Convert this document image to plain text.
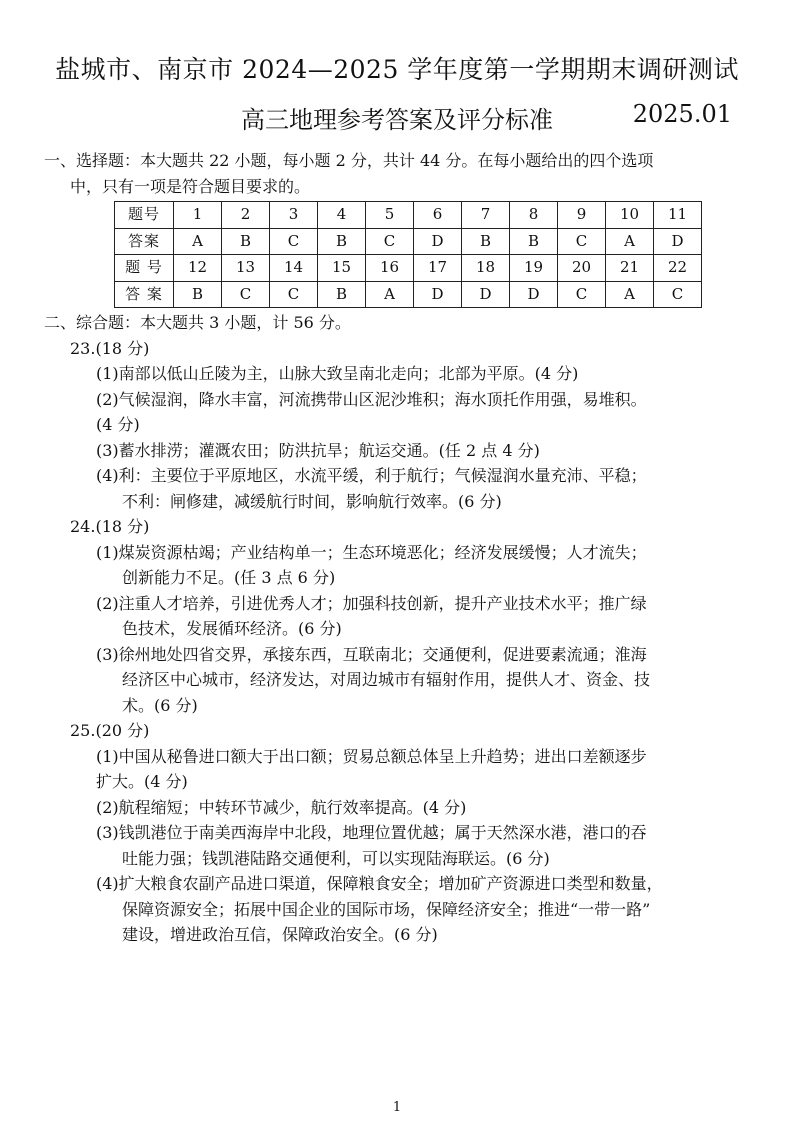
盐城市、南京市 2024—2025 学年度第一学期期末调研测试
高三地理参考答案及评分标准	2025.01
一、选择题：本大题共 22 小题，每小题 2 分，共计 44 分。在每小题给出的四个选项
中，只有一项是符合题目要求的。
题号	1	2	3	4	5	6	7	8	9	10	11
答案	A	B	C	B	C	D	B	B	C	A	D
题 号	12	13	14	15	16	17	18	19	20	21	22
答 案	B	C	C	B	A	D	D	D	C	A	C
二、综合题：本大题共 3 小题，计 56 分。
23.(18 分)
(1)南部以低山丘陵为主，山脉大致呈南北走向；北部为平原。(4 分)
(2)气候湿润，降水丰富，河流携带山区泥沙堆积；海水顶托作用强，易堆积。
(4 分)
(3)蓄水排涝；灌溉农田；防洪抗旱；航运交通。(任 2 点 4 分)
(4)利：主要位于平原地区，水流平缓，利于航行；气候湿润水量充沛、平稳；
不利：闸修建，减缓航行时间，影响航行效率。(6 分)
24.(18 分)
(1)煤炭资源枯竭；产业结构单一；生态环境恶化；经济发展缓慢；人才流失；
创新能力不足。(任 3 点 6 分)
(2)注重人才培养，引进优秀人才；加强科技创新，提升产业技术水平；推广绿
色技术，发展循环经济。(6 分)
(3)徐州地处四省交界，承接东西，互联南北；交通便利，促进要素流通；淮海
经济区中心城市，经济发达，对周边城市有辐射作用，提供人才、资金、技
术。(6 分)
25.(20 分)
(1)中国从秘鲁进口额大于出口额；贸易总额总体呈上升趋势；进出口差额逐步
扩大。(4 分)
(2)航程缩短；中转环节减少，航行效率提高。(4 分)
(3)钱凯港位于南美西海岸中北段，地理位置优越；属于天然深水港，港口的吞
吐能力强；钱凯港陆路交通便利，可以实现陆海联运。(6 分)
(4)扩大粮食农副产品进口渠道，保障粮食安全；增加矿产资源进口类型和数量，
保障资源安全；拓展中国企业的国际市场，保障经济安全；推进“一带一路”
建设，增进政治互信，保障政治安全。(6 分)
1
